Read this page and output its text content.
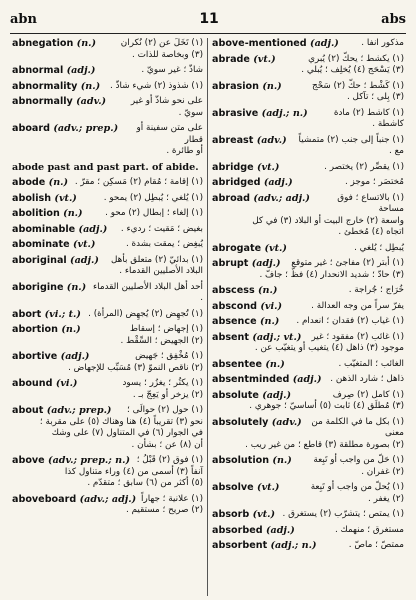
abn	11	abs
abnegation (n.)	(١) تَخَلٍّ عن (٢) نُكران
(٣) وبخاصة للذات .
abnormal (adj.)	شاذّ ؛ غير سويّ .
abnormality (n.)	(١) شذوذ (٢) شيء شاذّ .
abnormally (adv.)	على نحو شاذّ أو غير سويّ .
aboard (adv.; prep.)	على متن سفينة أو قطار
أو طائرة .
abode past and past part. of abide.
abode (n.) (١) إقامة ؛ مُقام (٢) مَسكِن ؛ مقرّ .
abolish (vt.)	(١) يُلغي ؛ يُبطِل (٢) يمحو .
abolition (n.)	(١) إلغاء ؛ إبطال (٢) محو .
abominable (adj.)	بغيض ؛ مَقيت ؛ رديء .
abominate (vt.)	يُبغِض ؛ يمقت بشدة .
aboriginal (adj.)	(١) بدائيّ (٢) متعلق بأهل
البلاد الأصليين القدماء .
aborigine (n.) أحد أهل البلاد الأصليين القدماء .
abort (vi.; t.) (١) تُجهِض (٢) يُجهِض (المرأة) .
abortion (n.)	(١) إجهاض ؛ إسقاط
(٢) الجهيض ؛ السِّقْط .
abortive (adj.)	(١) مُخْفِق ؛ جَهيض
(٢) ناقص النموّ (٣) مُسَبِّب للإجهاض .
abound (vi.)	(١) يكثُر ؛ يغزُر ؛ يسود
(٢) يزخر أو يَعِجّ بـ .
about (adv.; prep.)	(١) حول (٢) حوالَى ؛
نحو (٣) تقريباً (٤) هنا وهناك (٥) على مقربة ؛
في الجوار (٦) في المتناول (٧) على وشك
أن (٨) عن ؛ بشأن .
above (adv.; prep.; n.) (١) فوق (٢) قَبْلُ ؛
آنفاً (٣) أسمى من (٤) وراء متناول كذا
(٥) أكثر من (٦) سابق ؛ متقدّم .
aboveboard (adv.; adj.) (١) علانية ؛ جهاراً
(٢) صريح ؛ مستقيم .
above-mentioned (adj.)	مذكور آنفاً .
abrade (vt.)	(١) يكشط ؛ يحكّ (٢) يُبري
(٣) يَسْحَج (٤) يُخلِف ؛ يُبلي .
abrasion (n.)	(١) كَشْط ؛ حكّ (٢) سَحْج
(٣) بِلى ؛ تآكل .
abrasive (adj.; n.)	(١) كاشط (٢) مادة
كاشطة .
abreast (adv.)	(١) جنباً إلى جنب (٢) متمشياً مع .
abridge (vt.)	(١) يقصِّر (٢) يختصر .
abridged (adj.)	مُختصَر ؛ موجز .
abroad (adv.; adj.)	(١) بالاتساع ؛ فوق مساحة
واسعة (٢) خارج البيت أو البلاد (٣) في كل
اتجاه (٤) مُخطئ .
abrogate (vt.)	يُبطِل ؛ يُلغي .
abrupt (adj.)	(١) أبتر (٢) مفاجئ ؛ غير متوقع
(٣) حادّ ؛ شديد الانحدار (٤) فظّ ؛ جافّ .
abscess (n.)	خُرَاج ؛ جُراجة .
abscond (vi.)	يفرّ سراً من وجه العدالة .
absence (n.)	(١) غياب (٢) فقدان ؛ انعدام .
absent (adj.; vt.)	(١) غائب (٢) مفقود ؛ غير
موجود (٣) ذاهل (٤) يتغيب أو يتغيّب عن .
absentee (n.)	الغائب ؛ المتغيّب .
absentminded (adj.) ذاهل ؛ شارد الذهن .
absolute (adj.)	(١) كامل (٢) صِرف
(٣) مُطلَق (٤) ثابت (٥) أساسيّ ؛ جوهري .
absolutely (adv.)	(١) بكل ما في الكلمة من معنى
(٢) بصورة مطلقة (٣) قاطع ؛ من غير ريب .
absolution (n.)	(١) حَلّ من واجب أو تَبِعة
(٢) غفران .
absolve (vt.)	(١) يُحلّ من واجب أو تَبِعة
(٢) يغفر .
absorb (vt.) (١) يمتص ؛ يتشرّب (٢) يستغرق .
absorbed (adj.)	مستغرق ؛ منهمك .
absorbent (adj.; n.)	ممتصّ ؛ ماصّ .
